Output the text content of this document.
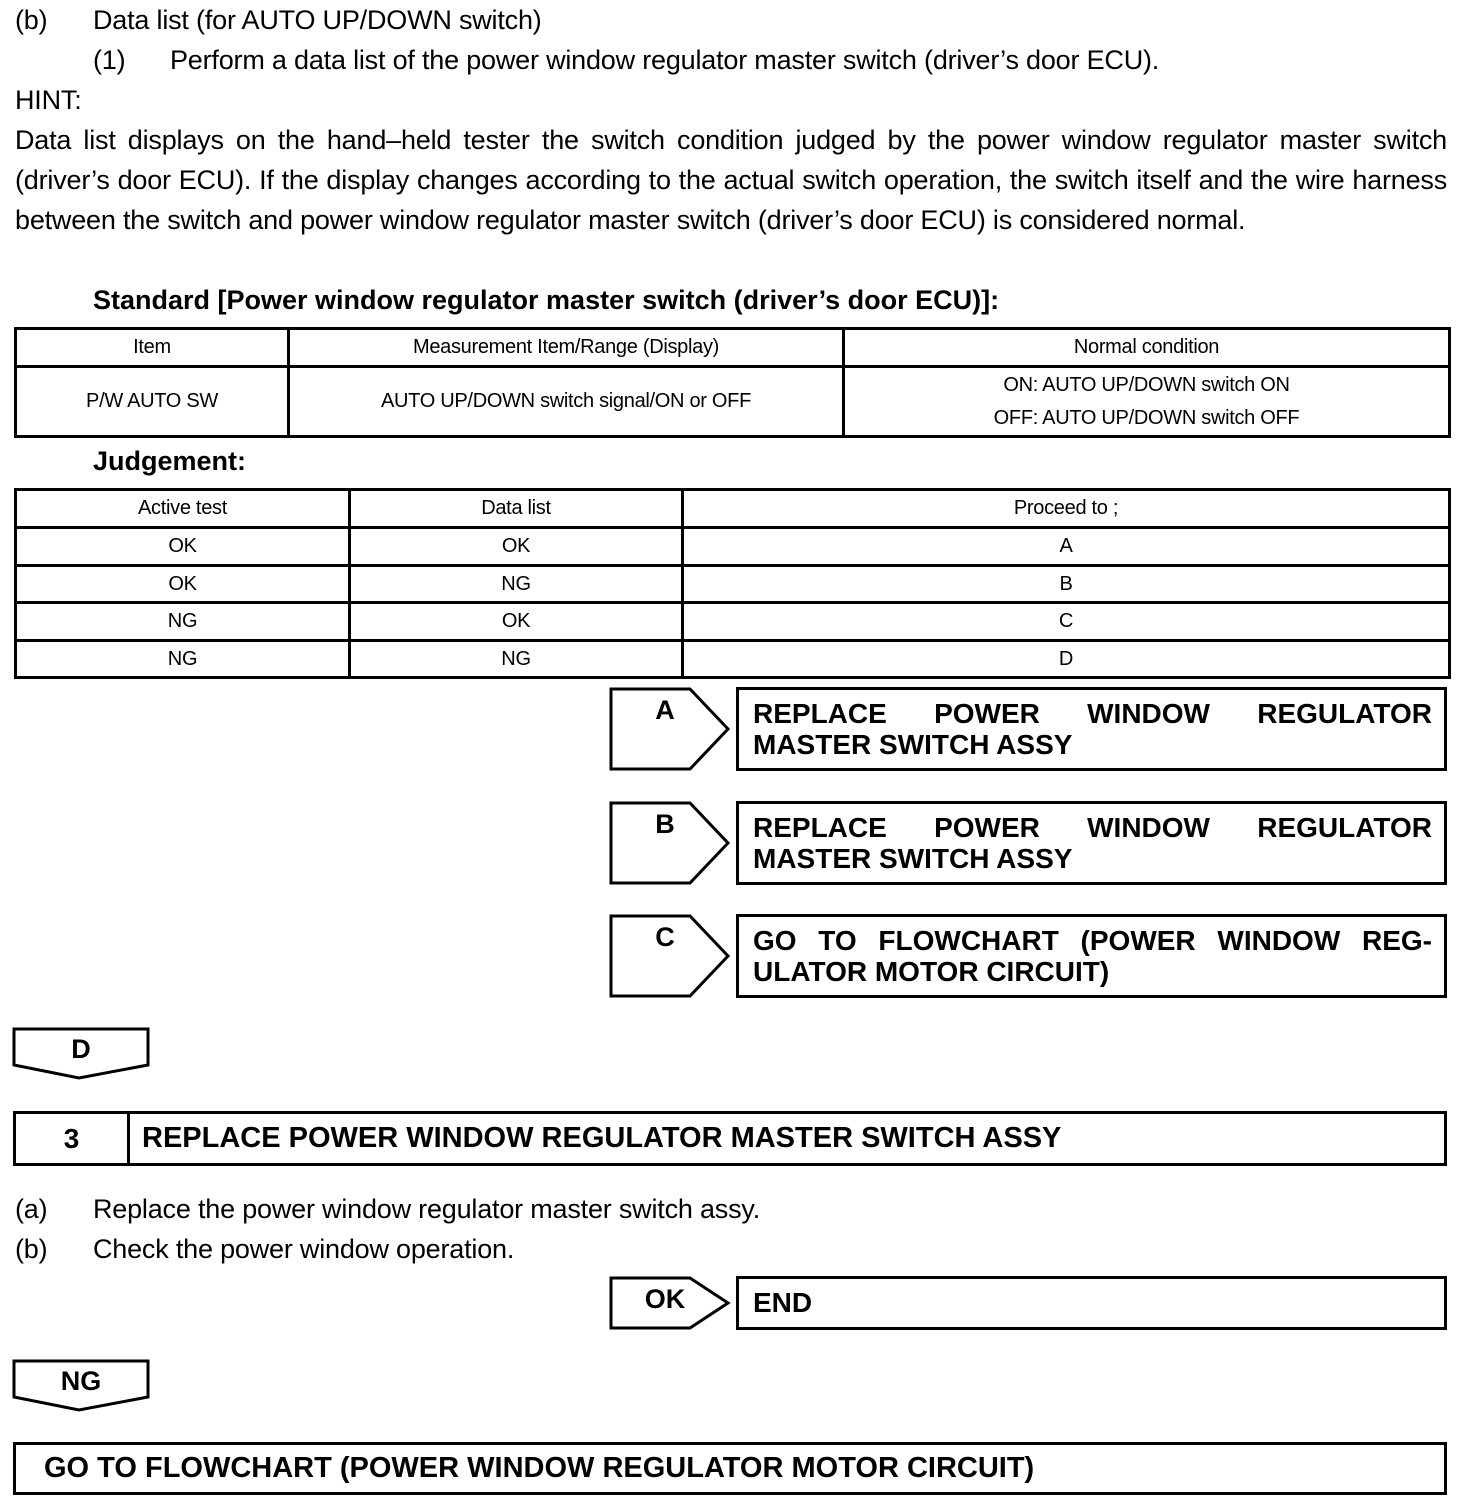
(b) Data list (for AUTO UP/DOWN switch)
(1) Perform a data list of the power window regulator master switch (driver’s door ECU).
HINT:
Data list displays on the hand–held tester the switch condition judged by the power window regulator master switch (driver’s door ECU). If the display changes according to the actual switch operation, the switch itself and the wire harness between the switch and power window regulator master switch (driver’s door ECU) is considered normal.
Standard [Power window regulator master switch (driver’s door ECU)]:
Item	Measurement Item/Range (Display)	Normal condition
P/W AUTO SW	AUTO UP/DOWN switch signal/ON or OFF	ON: AUTO UP/DOWN switch ON
OFF: AUTO UP/DOWN switch OFF
Judgement:
Active test	Data list	Proceed to ;
OK	OK	A
OK	NG	B
NG	OK	C
NG	NG	D
A	REPLACE POWER WINDOW REGULATOR
MASTER SWITCH ASSY
B	REPLACE POWER WINDOW REGULATOR
MASTER SWITCH ASSY
C	GO TO FLOWCHART (POWER WINDOW REG-
ULATOR MOTOR CIRCUIT)
D
3	REPLACE POWER WINDOW REGULATOR MASTER SWITCH ASSY
(a) Replace the power window regulator master switch assy.
(b) Check the power window operation.
OK	END
NG
GO TO FLOWCHART (POWER WINDOW REGULATOR MOTOR CIRCUIT)
